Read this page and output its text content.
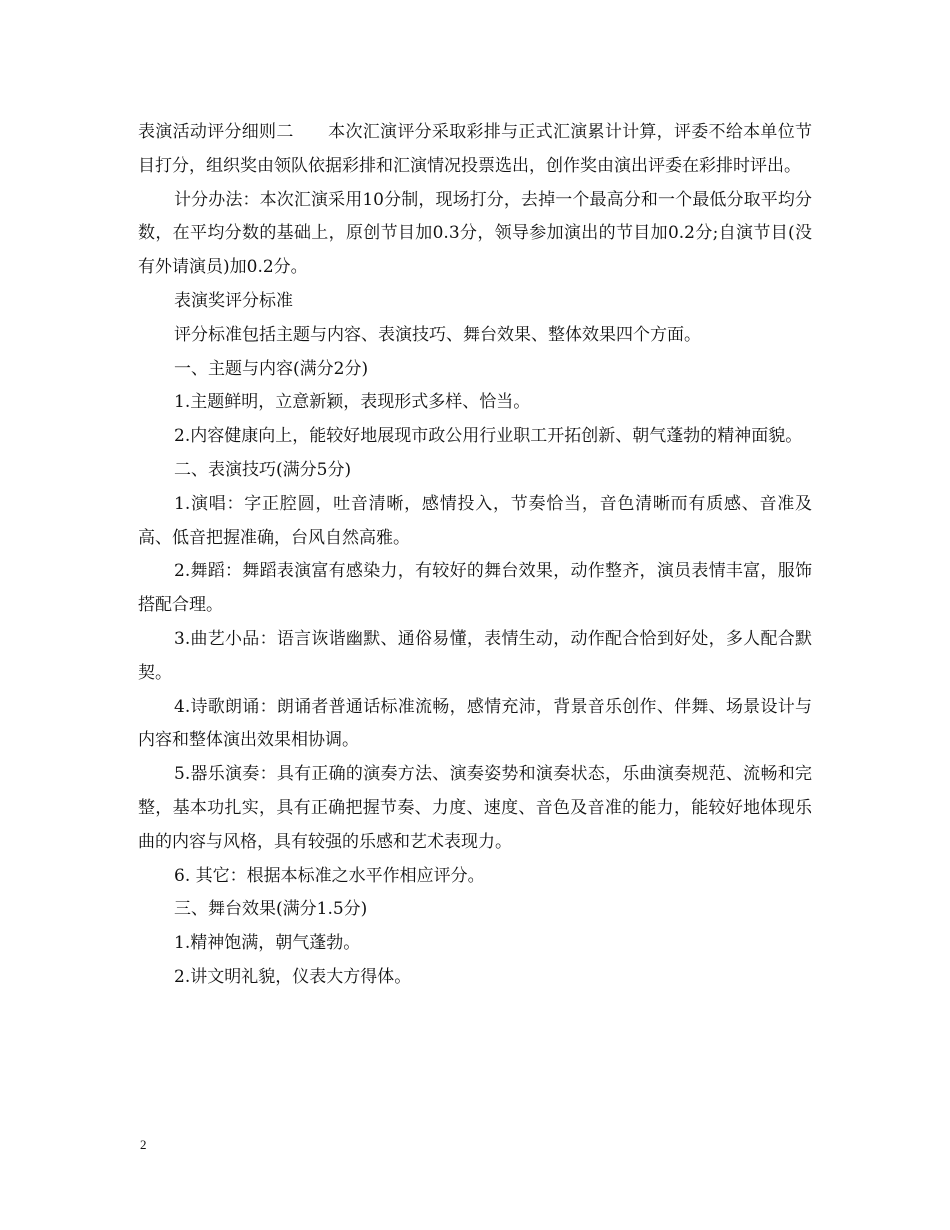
表演活动评分细则二　　本次汇演评分采取彩排与正式汇演累计计算，评委不给本单位节目打分，组织奖由领队依据彩排和汇演情况投票选出，创作奖由演出评委在彩排时评出。

计分办法：本次汇演采用10分制，现场打分，去掉一个最高分和一个最低分取平均分数，在平均分数的基础上，原创节目加0.3分，领导参加演出的节目加0.2分;自演节目(没有外请演员)加0.2分。

表演奖评分标准

评分标准包括主题与内容、表演技巧、舞台效果、整体效果四个方面。

一、主题与内容(满分2分)

1.主题鲜明，立意新颖，表现形式多样、恰当。

2.内容健康向上，能较好地展现市政公用行业职工开拓创新、朝气蓬勃的精神面貌。

二、表演技巧(满分5分)

1.演唱：字正腔圆，吐音清晰，感情投入，节奏恰当，音色清晰而有质感、音准及高、低音把握准确，台风自然高雅。

2.舞蹈：舞蹈表演富有感染力，有较好的舞台效果，动作整齐，演员表情丰富，服饰搭配合理。

3.曲艺小品：语言诙谐幽默、通俗易懂，表情生动，动作配合恰到好处，多人配合默契。

4.诗歌朗诵：朗诵者普通话标准流畅，感情充沛，背景音乐创作、伴舞、场景设计与内容和整体演出效果相协调。

5.器乐演奏：具有正确的演奏方法、演奏姿势和演奏状态，乐曲演奏规范、流畅和完整，基本功扎实，具有正确把握节奏、力度、速度、音色及音准的能力，能较好地体现乐曲的内容与风格，具有较强的乐感和艺术表现力。

6. 其它：根据本标准之水平作相应评分。

三、舞台效果(满分1.5分)

1.精神饱满，朝气蓬勃。

2.讲文明礼貌，仪表大方得体。

2
